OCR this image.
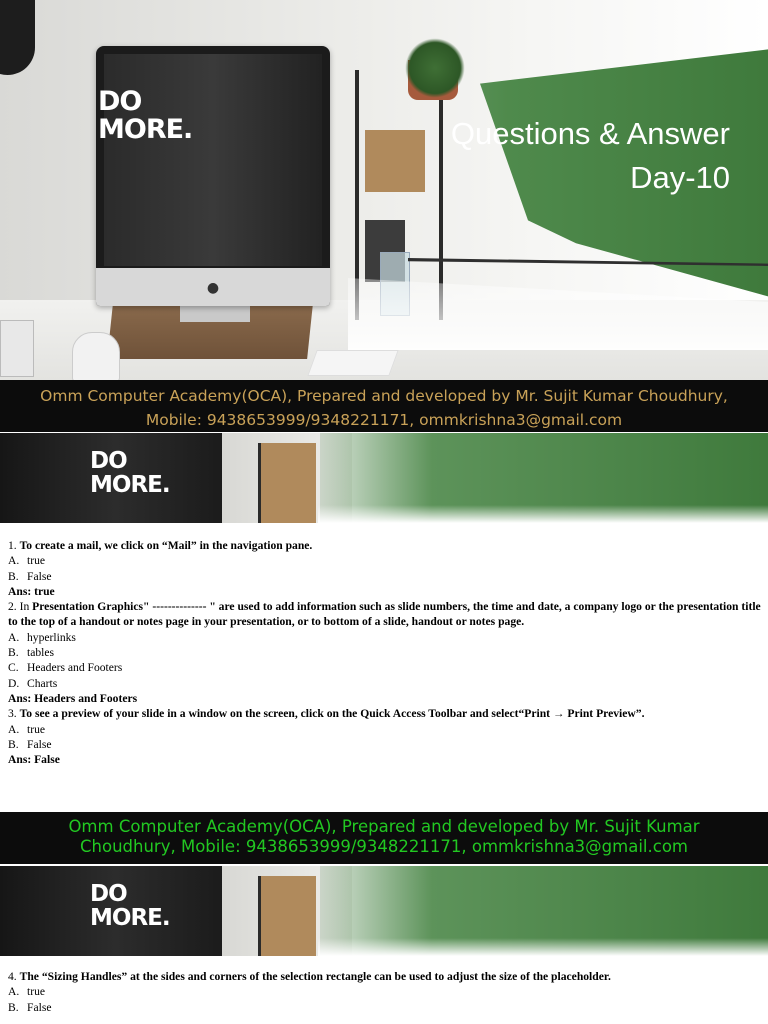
●
DO
MORE.	Questions & Answer
Day-10
Omm Computer Academy(OCA), Prepared and developed by Mr. Sujit Kumar Choudhury,
Mobile: 9438653999/9348221171, ommkrishna3@gmail.com
DO
MORE.

1. To create a mail, we click on “Mail” in the navigation pane.

A. true

B. False

Ans: true

2. In Presentation Graphics" -------------- " are used to add information such as slide numbers, the time and date, a company logo or the presentation title to the top of a handout or notes page in your presentation, or to bottom of a slide, handout or notes page.

A. hyperlinks

B. tables

C. Headers and Footers

D. Charts

Ans: Headers and Footers

3. To see a preview of your slide in a window on the screen, click on the Quick Access Toolbar and select“Print → Print Preview”.

A. true

B. False

Ans: False

Omm Computer Academy(OCA), Prepared and developed by Mr. Sujit Kumar
Choudhury, Mobile: 9438653999/9348221171, ommkrishna3@gmail.com
DO
MORE.

4. The “Sizing Handles” at the sides and corners of the selection rectangle can be used to adjust the size of the placeholder.

A. true

B. False
